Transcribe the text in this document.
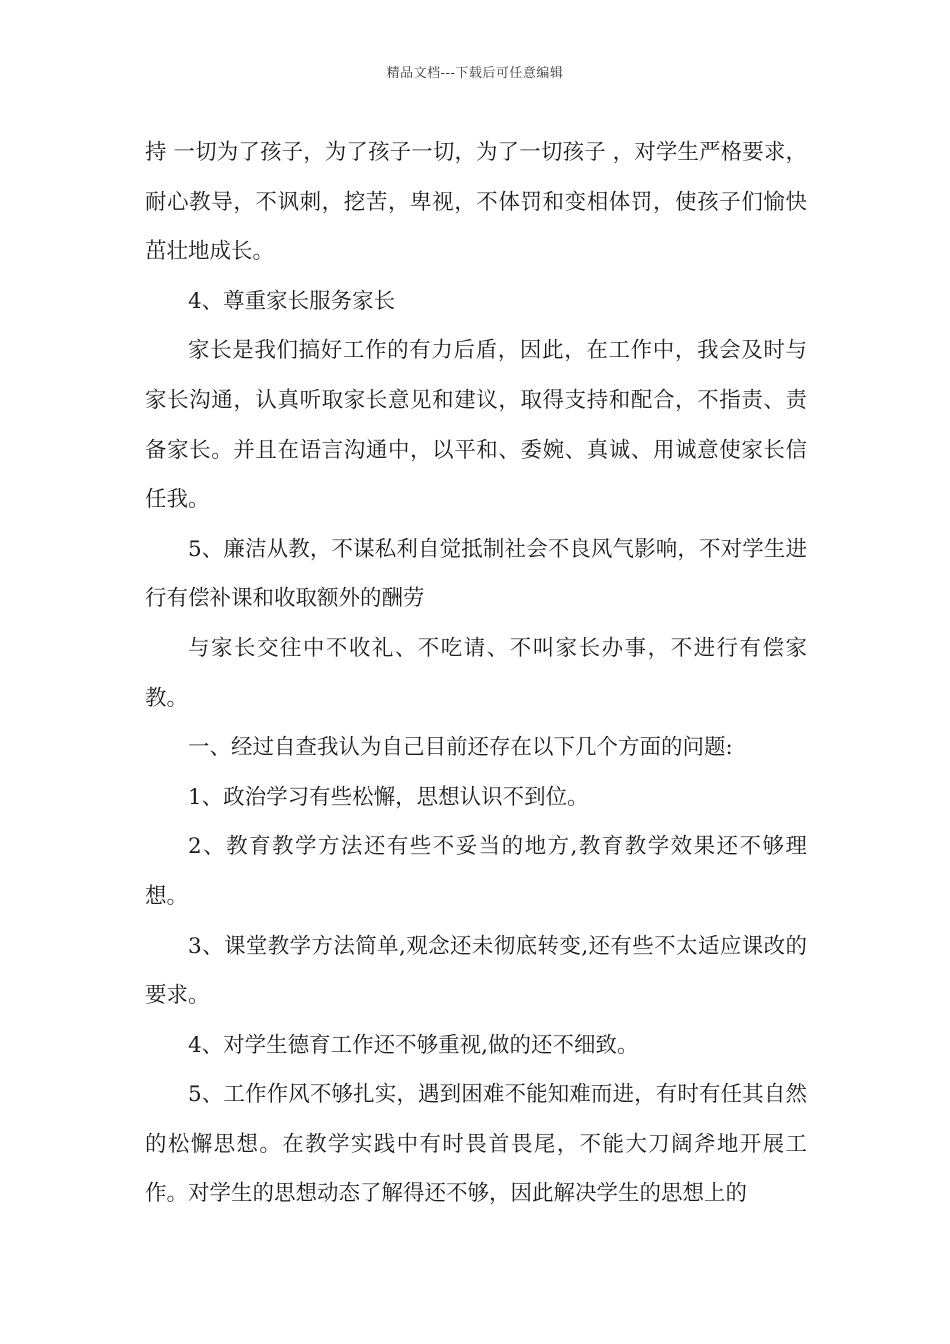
精品文档---下载后可任意编辑

持 一切为了孩子，为了孩子一切，为了一切孩子 ，对学生严格要求，耐心教导，不讽刺，挖苦，卑视，不体罚和变相体罚，使孩子们愉快茁壮地成长。

4、尊重家长服务家长

家长是我们搞好工作的有力后盾，因此，在工作中，我会及时与家长沟通，认真听取家长意见和建议，取得支持和配合，不指责、责备家长。并且在语言沟通中，以平和、委婉、真诚、用诚意使家长信任我。

5、廉洁从教，不谋私利自觉抵制社会不良风气影响，不对学生进行有偿补课和收取额外的酬劳

与家长交往中不收礼、不吃请、不叫家长办事，不进行有偿家教。

一、经过自查我认为自己目前还存在以下几个方面的问题:

1、政治学习有些松懈，思想认识不到位。

2、教育教学方法还有些不妥当的地方,教育教学效果还不够理想。

3、课堂教学方法简单,观念还未彻底转变,还有些不太适应课改的要求。

4、对学生德育工作还不够重视,做的还不细致。

5、工作作风不够扎实，遇到困难不能知难而进，有时有任其自然的松懈思想。在教学实践中有时畏首畏尾，不能大刀阔斧地开展工作。对学生的思想动态了解得还不够，因此解决学生的思想上的
